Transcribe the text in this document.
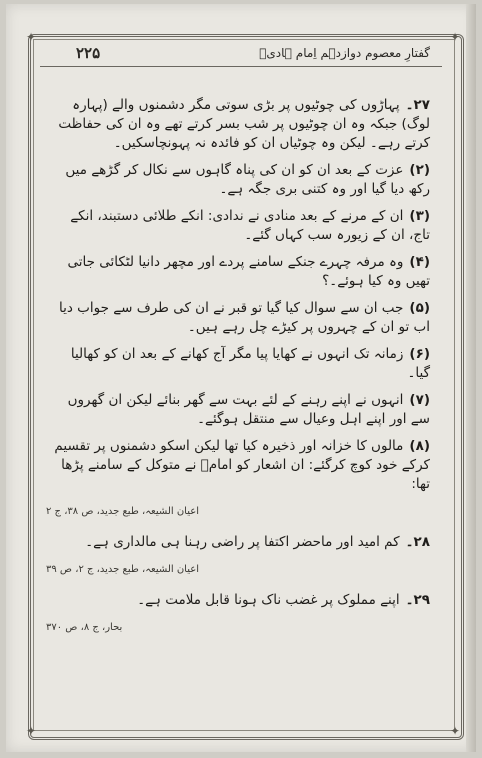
✦	✦
✦	✦
۲۲۵	گفتارِ معصوم دوازدہم اِمام ہادیؑ

۲۷۔پہاڑوں کی چوٹیوں پر بڑی سوتی مگر دشمنوں والے (پہارہ لوگ) جبکہ وہ ان چوٹیوں پر شب بسر کرتے تھے وہ ان کی حفاظت کرتے رہے۔ لیکن وہ چوٹیاں ان کو فائدہ نہ پہونچاسکیں۔

(۲)عزت کے بعد ان کو ان کی پناہ گاہوں سے نکال کر گڑھے میں رکھ دیا گیا اور وہ کتنی بری جگہ ہے۔

(۳)ان کے مرنے کے بعد منادی نے ندادی: انکے طلائی دستبند، انکے تاج، ان کے زیورہ سب کہاں گئے۔

(۴)وہ مرفہ چہرے جنکے سامنے پردے اور مچھر دانیا لٹکائی جاتی تھیں وہ کیا ہوئے۔؟

(۵)جب ان سے سوال کیا گیا تو قبر نے ان کی طرف سے جواب دیا اب تو ان کے چہروں پر کیڑے چل رہے ہیں۔

(۶)زمانہ تک انہوں نے کھایا پیا مگر آج کھانے کے بعد ان کو کھالیا گیا۔

(۷)انہوں نے اپنے رہنے کے لئے بہت سے گھر بنائے لیکن ان گھروں سے اور اپنے اہل وعیال سے منتقل ہوگئے۔

(۸)مالوں کا خزانہ اور ذخیرہ کیا تھا لیکن اسکو دشمنوں پر تقسیم کرکے خود کوچ کرگئے: ان اشعار کو امامؑ نے متوکل کے سامنے پڑھا تھا:

اعیان الشیعہ، طبع جدید، ص ۳۸، ج ۲

۲۸۔کم امید اور ماحضر اکتفا پر راضی رہنا ہی مالداری ہے۔

اعیان الشیعہ، طبع جدید، ج ۲، ص ۳۹

۲۹۔اپنے مملوک پر غضب ناک ہونا قابل ملامت ہے۔

بحار، ج ۸، ص ۳۷۰
